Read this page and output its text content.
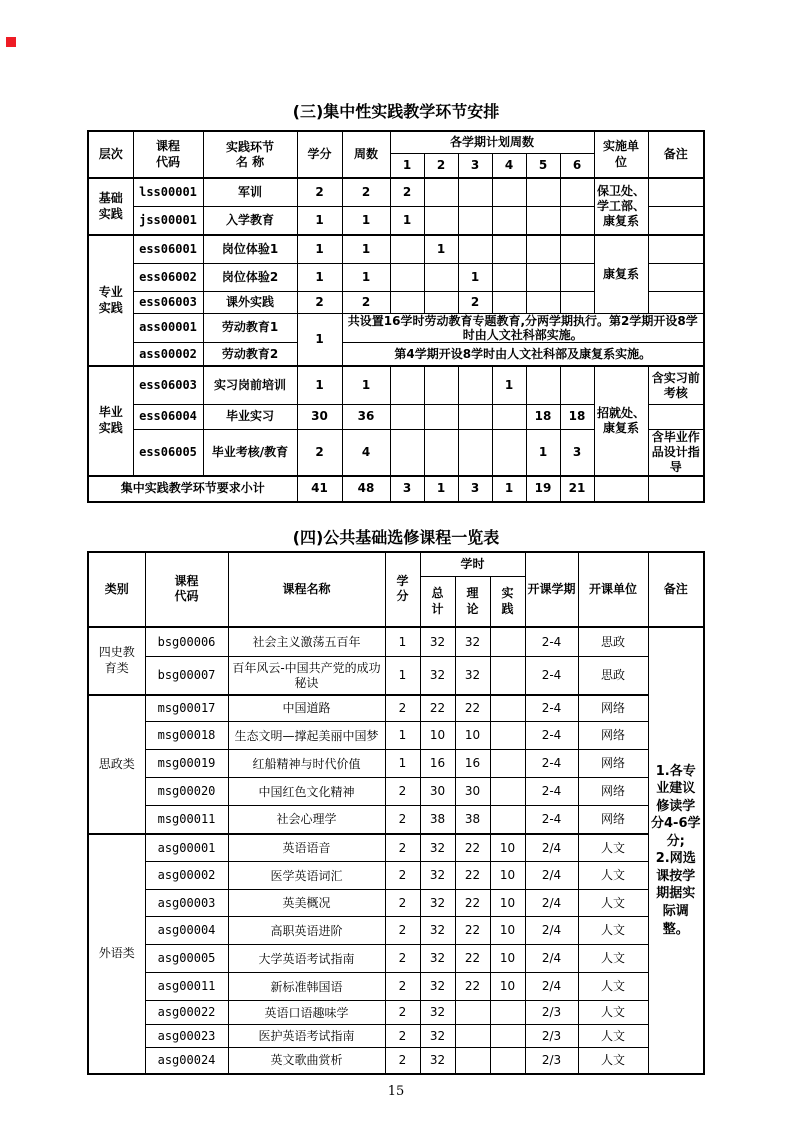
(三)集中性实践教学环节安排
层次	课程代码	实践环节
名 称	学分	周数	各学期计划周数						实施单位	备注
					1	2	3	4	5	6		
基础实践	lss00001	军训	2	2	2						保卫处、学工部、康复系	
	jss00001	入学教育	1	1	1							
专业实践	ess06001	岗位体验1	1	1		1					康复系	
	ess06002	岗位体验2	1	1			1					
	ess06003	课外实践	2	2			2					
	ass00001	劳动教育1	1	共设置16学时劳动教育专题教育,分两学期执行。第2学期开设8学时由人文社科部实施。								
	ass00002	劳动教育2		第4学期开设8学时由人文社科部及康复系实施。								
毕业实践	ess06003	实习岗前培训	1	1				1			招就处、康复系	含实习前考核
	ess06004	毕业实习	30	36					18	18		
	ess06005	毕业考核/教育	2	4					1	3		含毕业作品设计指导
集中实践教学环节要求小计			41	48	3	1	3	1	19	21		
(四)公共基础选修课程一览表
类别	课程代码	课程名称	学分	学时			开课学期	开课单位	备注
				总计	理论	实践			
四史教育类	bsg00006	社会主义激荡五百年	1	32	32		2-4	思政	1.各专业建议修读学分4-6学分;
2.网选课按学期据实际调整。

	bsg00007	百年风云-中国共产党的成功秘诀	1	32	32		2-4	思政	
思政类	msg00017	中国道路	2	22	22		2-4	网络	
	msg00018	生态文明—撑起美丽中国梦	1	10	10		2-4	网络	
	msg00019	红船精神与时代价值	1	16	16		2-4	网络	
	msg00020	中国红色文化精神	2	30	30		2-4	网络	
	msg00011	社会心理学	2	38	38		2-4	网络	
外语类	asg00001	英语语音	2	32	22	10	2/4	人文	
	asg00002	医学英语词汇	2	32	22	10	2/4	人文	
	asg00003	英美概况	2	32	22	10	2/4	人文	
	asg00004	高职英语进阶	2	32	22	10	2/4	人文	
	asg00005	大学英语考试指南	2	32	22	10	2/4	人文	
	asg00011	新标准韩国语	2	32	22	10	2/4	人文	
	asg00022	英语口语趣味学	2	32			2/3	人文	
	asg00023	医护英语考试指南	2	32			2/3	人文	
	asg00024	英文歌曲赏析	2	32			2/3	人文	
15
